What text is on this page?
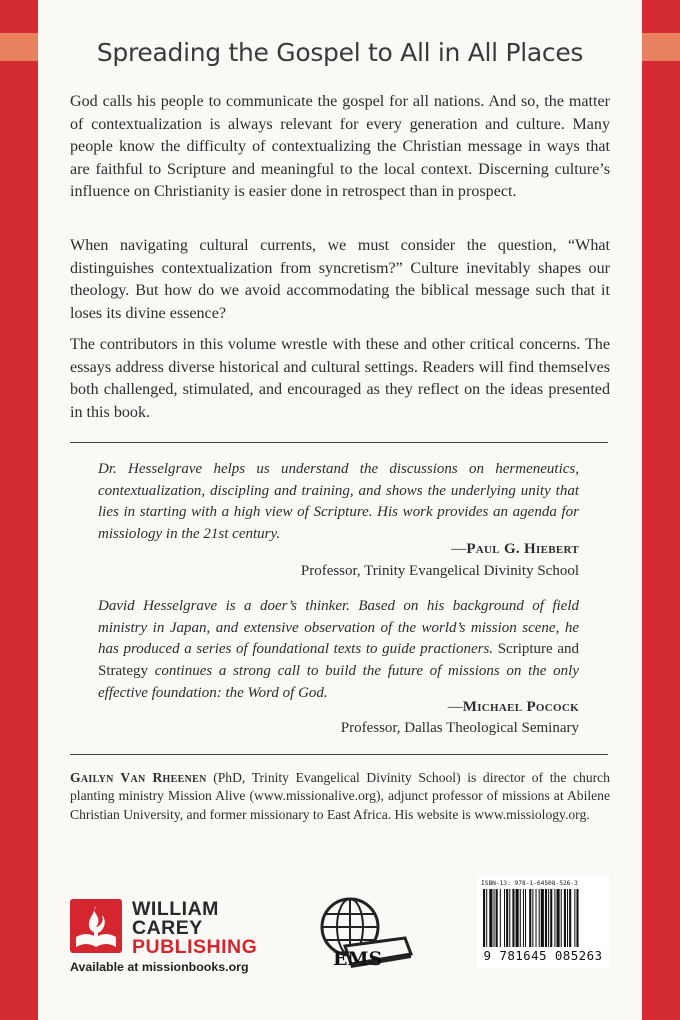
Spreading the Gospel to All in All Places

God calls his people to communicate the gospel for all nations. And so, the matter of contextualization is always relevant for every generation and culture. Many people know the difficulty of contextualizing the Christian message in ways that are faithful to Scripture and meaningful to the local context. Discerning culture’s influence on Christianity is easier done in retrospect than in prospect.

When navigating cultural currents, we must consider the question, “What distinguishes contextualization from syncretism?” Culture inevitably shapes our theology. But how do we avoid accommodating the biblical message such that it loses its divine essence?

The contributors in this volume wrestle with these and other critical concerns. The essays address diverse historical and cultural settings. Readers will find themselves both challenged, stimulated, and encouraged as they reflect on the ideas presented in this book.

Dr. Hesselgrave helps us understand the discussions on hermeneutics, contextualization, discipling and training, and shows the underlying unity that lies in starting with a high view of Scripture. His work provides an agenda for missiology in the 21st century.

—Paul G. Hiebert
Professor, Trinity Evangelical Divinity School

David Hesselgrave is a doer’s thinker. Based on his background of field ministry in Japan, and extensive observation of the world’s mission scene, he has produced a series of foundational texts to guide practioners. Scripture and Strategy continues a strong call to build the future of missions on the only effective foundation: the Word of God.

—Michael Pocock
Professor, Dallas Theological Seminary

Gailyn Van Rheenen (PhD, Trinity Evangelical Divinity School) is director of the church planting ministry Mission Alive (www.missionalive.org), adjunct professor of missions at Abilene Christian University, and former missionary to East Africa. His website is www.missiology.org.

WILLIAM
CAREY
PUBLISHING
Available at missionbooks.org	EMS
ISBN-13: 978-1-64508-526-3
9 781645 085263
